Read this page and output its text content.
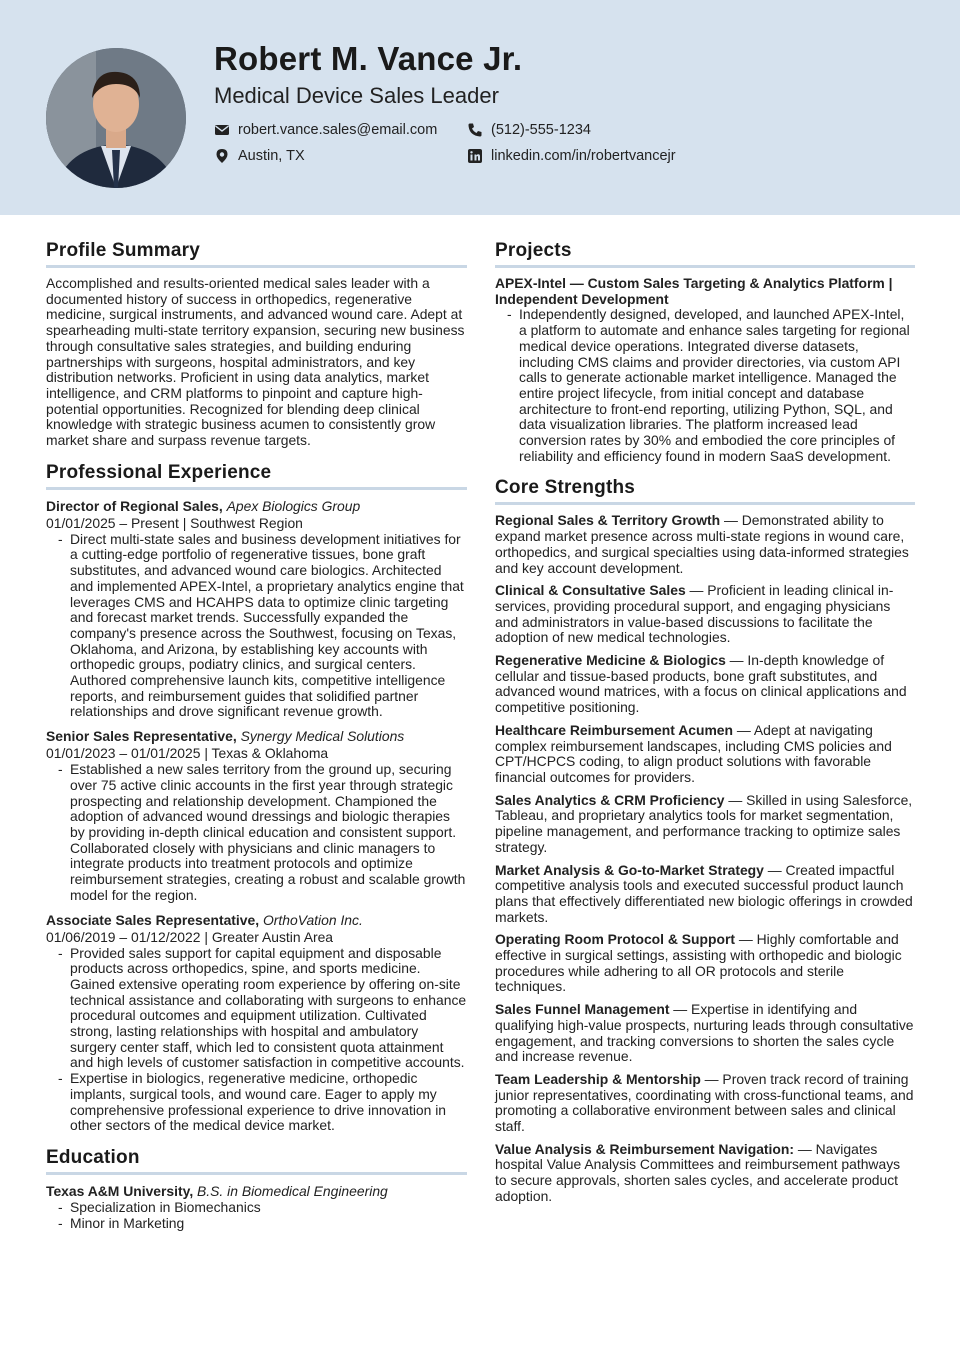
Robert M. Vance Jr.
Medical Device Sales Leader
robert.vance.sales@email.com	(512)-555-1234
Austin, TX	linkedin.com/in/robertvancejr
Profile Summary

Accomplished and results-oriented medical sales leader with a documented history of success in orthopedics, regenerative medicine, surgical instruments, and advanced wound care. Adept at spearheading multi-state territory expansion, securing new business through consultative sales strategies, and building enduring partnerships with surgeons, hospital administrators, and key distribution networks. Proficient in using data analytics, market intelligence, and CRM platforms to pinpoint and capture high-potential opportunities. Recognized for blending deep clinical knowledge with strategic business acumen to consistently grow market share and surpass revenue targets.

Professional Experience
Director of Regional Sales, Apex Biologics Group
01/01/2025 – Present | Southwest Region
- Direct multi-state sales and business development initiatives for a cutting-edge portfolio of regenerative tissues, bone graft substitutes, and advanced wound care biologics. Architected and implemented APEX-Intel, a proprietary analytics engine that leverages CMS and HCAHPS data to optimize clinic targeting and forecast market trends. Successfully expanded the company's presence across the Southwest, focusing on Texas, Oklahoma, and Arizona, by establishing key accounts with orthopedic groups, podiatry clinics, and surgical centers. Authored comprehensive launch kits, competitive intelligence reports, and reimbursement guides that solidified partner relationships and drove significant revenue growth.
Senior Sales Representative, Synergy Medical Solutions
01/01/2023 – 01/01/2025 | Texas & Oklahoma
- Established a new sales territory from the ground up, securing over 75 active clinic accounts in the first year through strategic prospecting and relationship development. Championed the adoption of advanced wound dressings and biologic therapies by providing in-depth clinical education and consistent support. Collaborated closely with physicians and clinic managers to integrate products into treatment protocols and optimize reimbursement strategies, creating a robust and scalable growth model for the region.
Associate Sales Representative, OrthoVation Inc.
01/06/2019 – 01/12/2022 | Greater Austin Area
- Provided sales support for capital equipment and disposable products across orthopedics, spine, and sports medicine. Gained extensive operating room experience by offering on-site technical assistance and collaborating with surgeons to enhance procedural outcomes and equipment utilization. Cultivated strong, lasting relationships with hospital and ambulatory surgery center staff, which led to consistent quota attainment and high levels of customer satisfaction in competitive accounts.
- Expertise in biologics, regenerative medicine, orthopedic implants, surgical tools, and wound care. Eager to apply my comprehensive professional experience to drive innovation in other sectors of the medical device market.
Education
Texas A&M University, B.S. in Biomedical Engineering
- Specialization in Biomechanics
- Minor in Marketing
Projects
APEX-Intel — Custom Sales Targeting & Analytics Platform | Independent Development
- Independently designed, developed, and launched APEX-Intel, a platform to automate and enhance sales targeting for regional medical device operations. Integrated diverse datasets, including CMS claims and provider directories, via custom API calls to generate actionable market intelligence. Managed the entire project lifecycle, from initial concept and database architecture to front-end reporting, utilizing Python, SQL, and data visualization libraries. The platform increased lead conversion rates by 30% and embodied the core principles of reliability and efficiency found in modern SaaS development.
Core Strengths
Regional Sales & Territory Growth — Demonstrated ability to expand market presence across multi-state regions in wound care, orthopedics, and surgical specialties using data-informed strategies and key account development.
Clinical & Consultative Sales — Proficient in leading clinical in-services, providing procedural support, and engaging physicians and administrators in value-based discussions to facilitate the adoption of new medical technologies.
Regenerative Medicine & Biologics — In-depth knowledge of cellular and tissue-based products, bone graft substitutes, and advanced wound matrices, with a focus on clinical applications and competitive positioning.
Healthcare Reimbursement Acumen — Adept at navigating complex reimbursement landscapes, including CMS policies and CPT/HCPCS coding, to align product solutions with favorable financial outcomes for providers.
Sales Analytics & CRM Proficiency — Skilled in using Salesforce, Tableau, and proprietary analytics tools for market segmentation, pipeline management, and performance tracking to optimize sales strategy.
Market Analysis & Go-to-Market Strategy — Created impactful competitive analysis tools and executed successful product launch plans that effectively differentiated new biologic offerings in crowded markets.
Operating Room Protocol & Support — Highly comfortable and effective in surgical settings, assisting with orthopedic and biologic procedures while adhering to all OR protocols and sterile techniques.
Sales Funnel Management — Expertise in identifying and qualifying high-value prospects, nurturing leads through consultative engagement, and tracking conversions to shorten the sales cycle and increase revenue.
Team Leadership & Mentorship — Proven track record of training junior representatives, coordinating with cross-functional teams, and promoting a collaborative environment between sales and clinical staff.
Value Analysis & Reimbursement Navigation: — Navigates hospital Value Analysis Committees and reimbursement pathways to secure approvals, shorten sales cycles, and accelerate product adoption.
